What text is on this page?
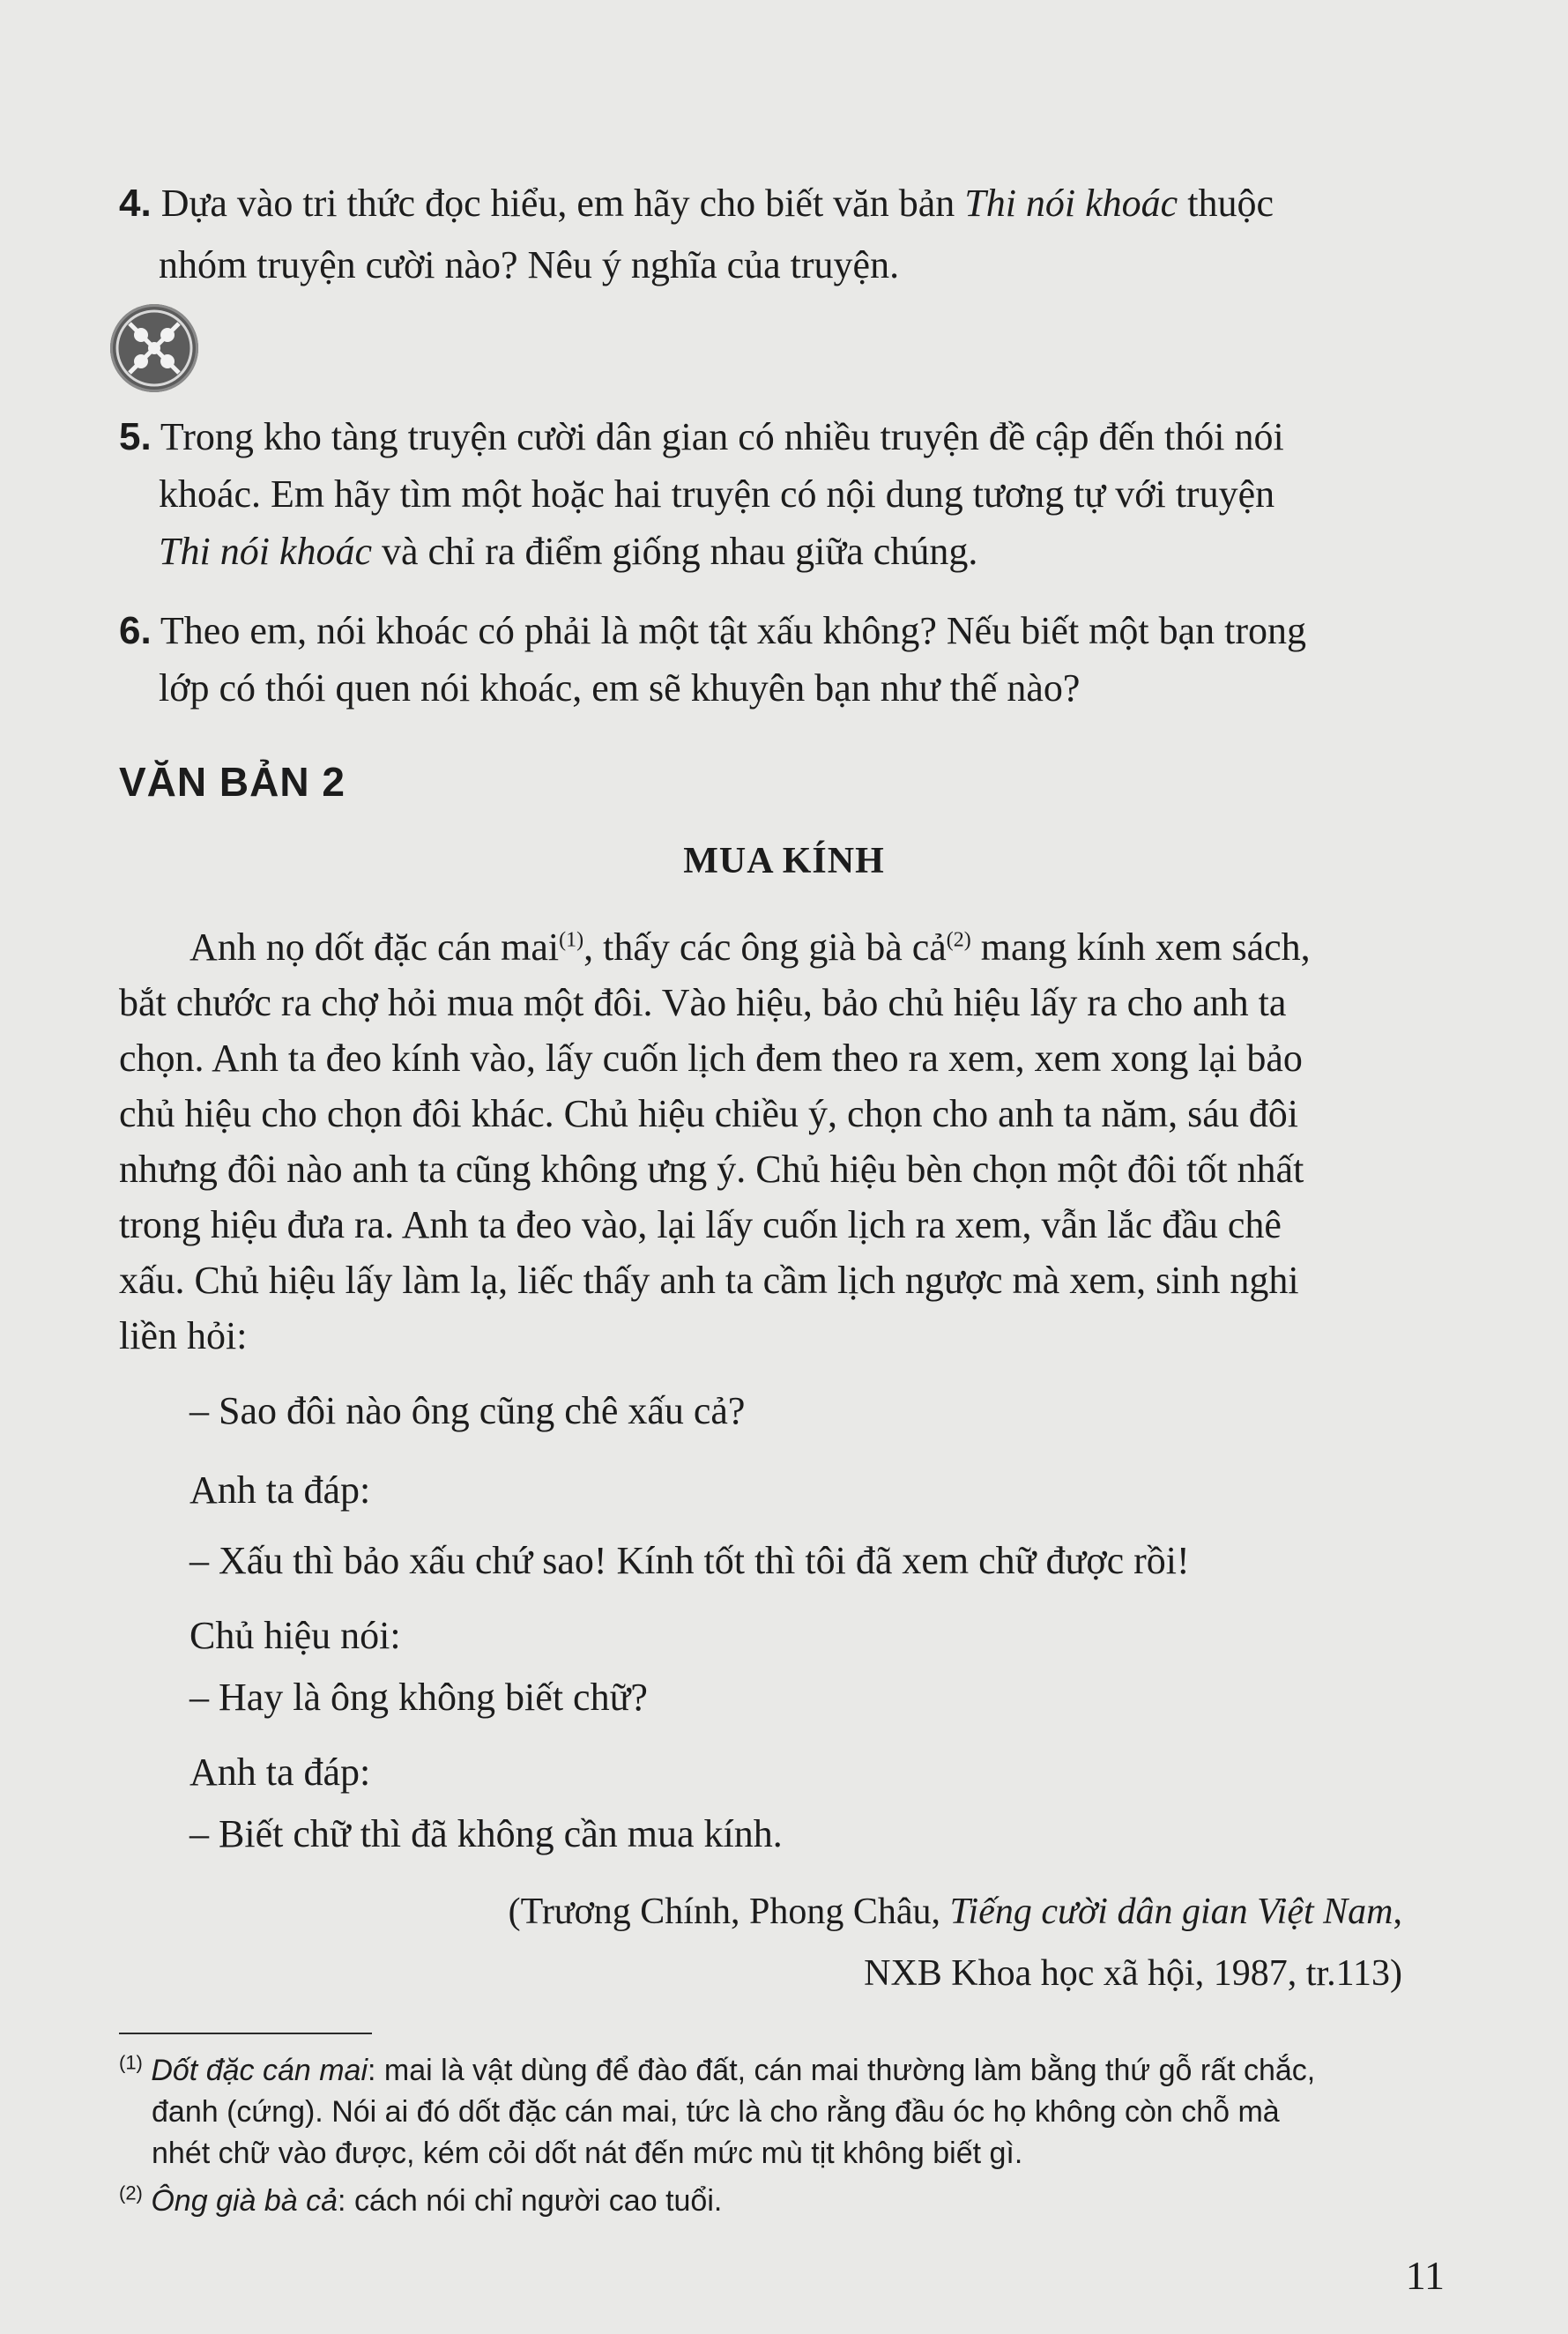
4. Dựa vào tri thức đọc hiểu, em hãy cho biết văn bản Thi nói khoác thuộc
nhóm truyện cười nào? Nêu ý nghĩa của truyện.
5. Trong kho tàng truyện cười dân gian có nhiều truyện đề cập đến thói nói
khoác. Em hãy tìm một hoặc hai truyện có nội dung tương tự với truyện
Thi nói khoác và chỉ ra điểm giống nhau giữa chúng.
6. Theo em, nói khoác có phải là một tật xấu không? Nếu biết một bạn trong
lớp có thói quen nói khoác, em sẽ khuyên bạn như thế nào?
VĂN BẢN 2
MUA KÍNH
Anh nọ dốt đặc cán mai$^{(1)}$, thấy các ông già bà cả$^{(2)}$ mang kính xem sách,
bắt chước ra chợ hỏi mua một đôi. Vào hiệu, bảo chủ hiệu lấy ra cho anh ta
chọn. Anh ta đeo kính vào, lấy cuốn lịch đem theo ra xem, xem xong lại bảo
chủ hiệu cho chọn đôi khác. Chủ hiệu chiều ý, chọn cho anh ta năm, sáu đôi
nhưng đôi nào anh ta cũng không ưng ý. Chủ hiệu bèn chọn một đôi tốt nhất
trong hiệu đưa ra. Anh ta đeo vào, lại lấy cuốn lịch ra xem, vẫn lắc đầu chê
xấu. Chủ hiệu lấy làm lạ, liếc thấy anh ta cầm lịch ngược mà xem, sinh nghi
liền hỏi:
– Sao đôi nào ông cũng chê xấu cả?
Anh ta đáp:
– Xấu thì bảo xấu chứ sao! Kính tốt thì tôi đã xem chữ được rồi!
Chủ hiệu nói:
– Hay là ông không biết chữ?
Anh ta đáp:
– Biết chữ thì đã không cần mua kính.
(Trương Chính, Phong Châu, Tiếng cười dân gian Việt Nam,
NXB Khoa học xã hội, 1987, tr.113)
$^{(1)}$ Dốt đặc cán mai: mai là vật dùng để đào đất, cán mai thường làm bằng thứ gỗ rất chắc,
đanh (cứng). Nói ai đó dốt đặc cán mai, tức là cho rằng đầu óc họ không còn chỗ mà
nhét chữ vào được, kém cỏi dốt nát đến mức mù tịt không biết gì.
$^{(2)}$ Ông già bà cả: cách nói chỉ người cao tuổi.
11
